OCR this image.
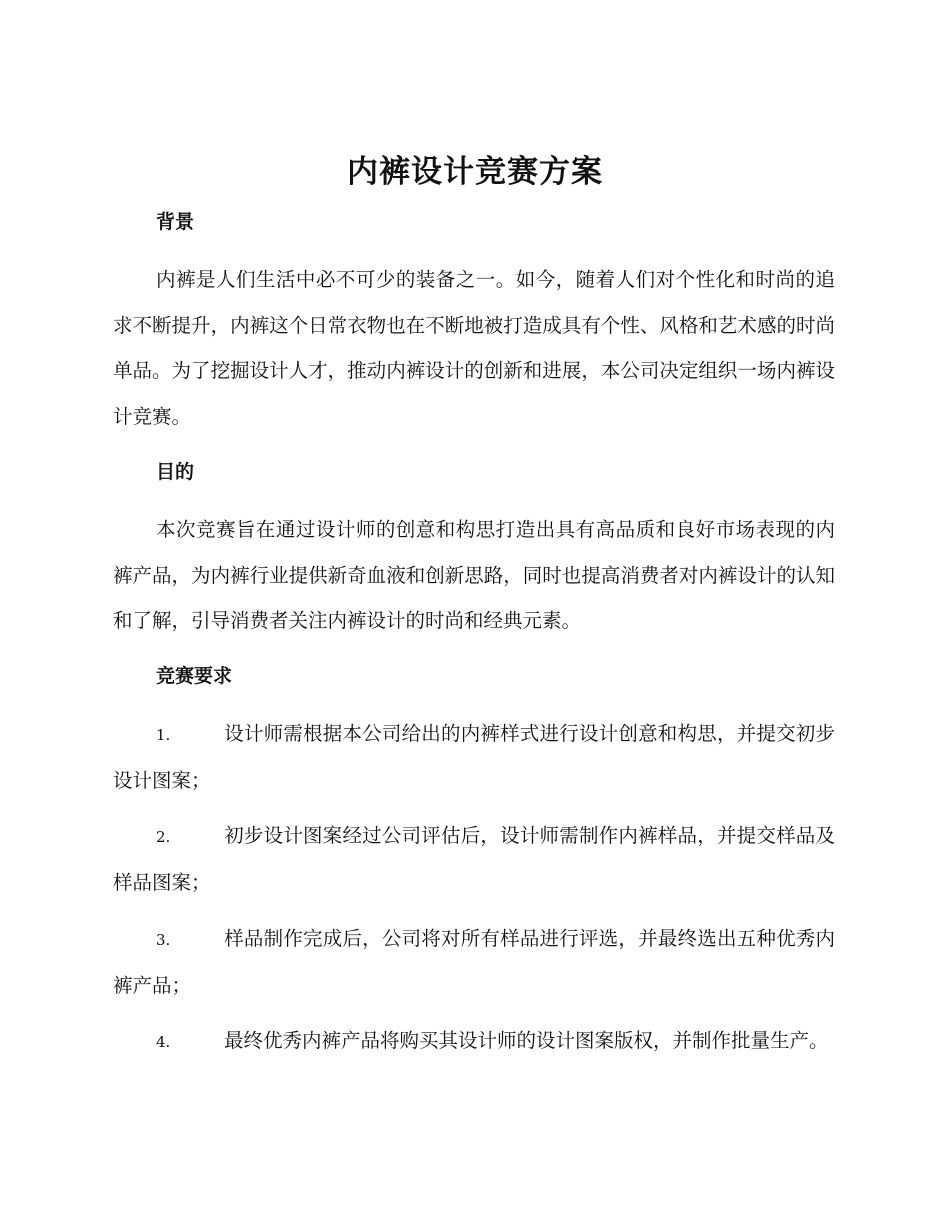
内裤设计竞赛方案
背景
内裤是人们生活中必不可少的装备之一。如今，随着人们对个性化和时尚的追求不断提升，内裤这个日常衣物也在不断地被打造成具有个性、风格和艺术感的时尚单品。为了挖掘设计人才，推动内裤设计的创新和进展，本公司决定组织一场内裤设计竞赛。
目的
本次竞赛旨在通过设计师的创意和构思打造出具有高品质和良好市场表现的内裤产品，为内裤行业提供新奇血液和创新思路，同时也提高消费者对内裤设计的认知和了解，引导消费者关注内裤设计的时尚和经典元素。
竞赛要求
1.	设计师需根据本公司给出的内裤样式进行设计创意和构思，并提交初步设计图案；
2.	初步设计图案经过公司评估后，设计师需制作内裤样品，并提交样品及样品图案；
3.	样品制作完成后，公司将对所有样品进行评选，并最终选出五种优秀内裤产品；
4.	最终优秀内裤产品将购买其设计师的设计图案版权，并制作批量生产。
